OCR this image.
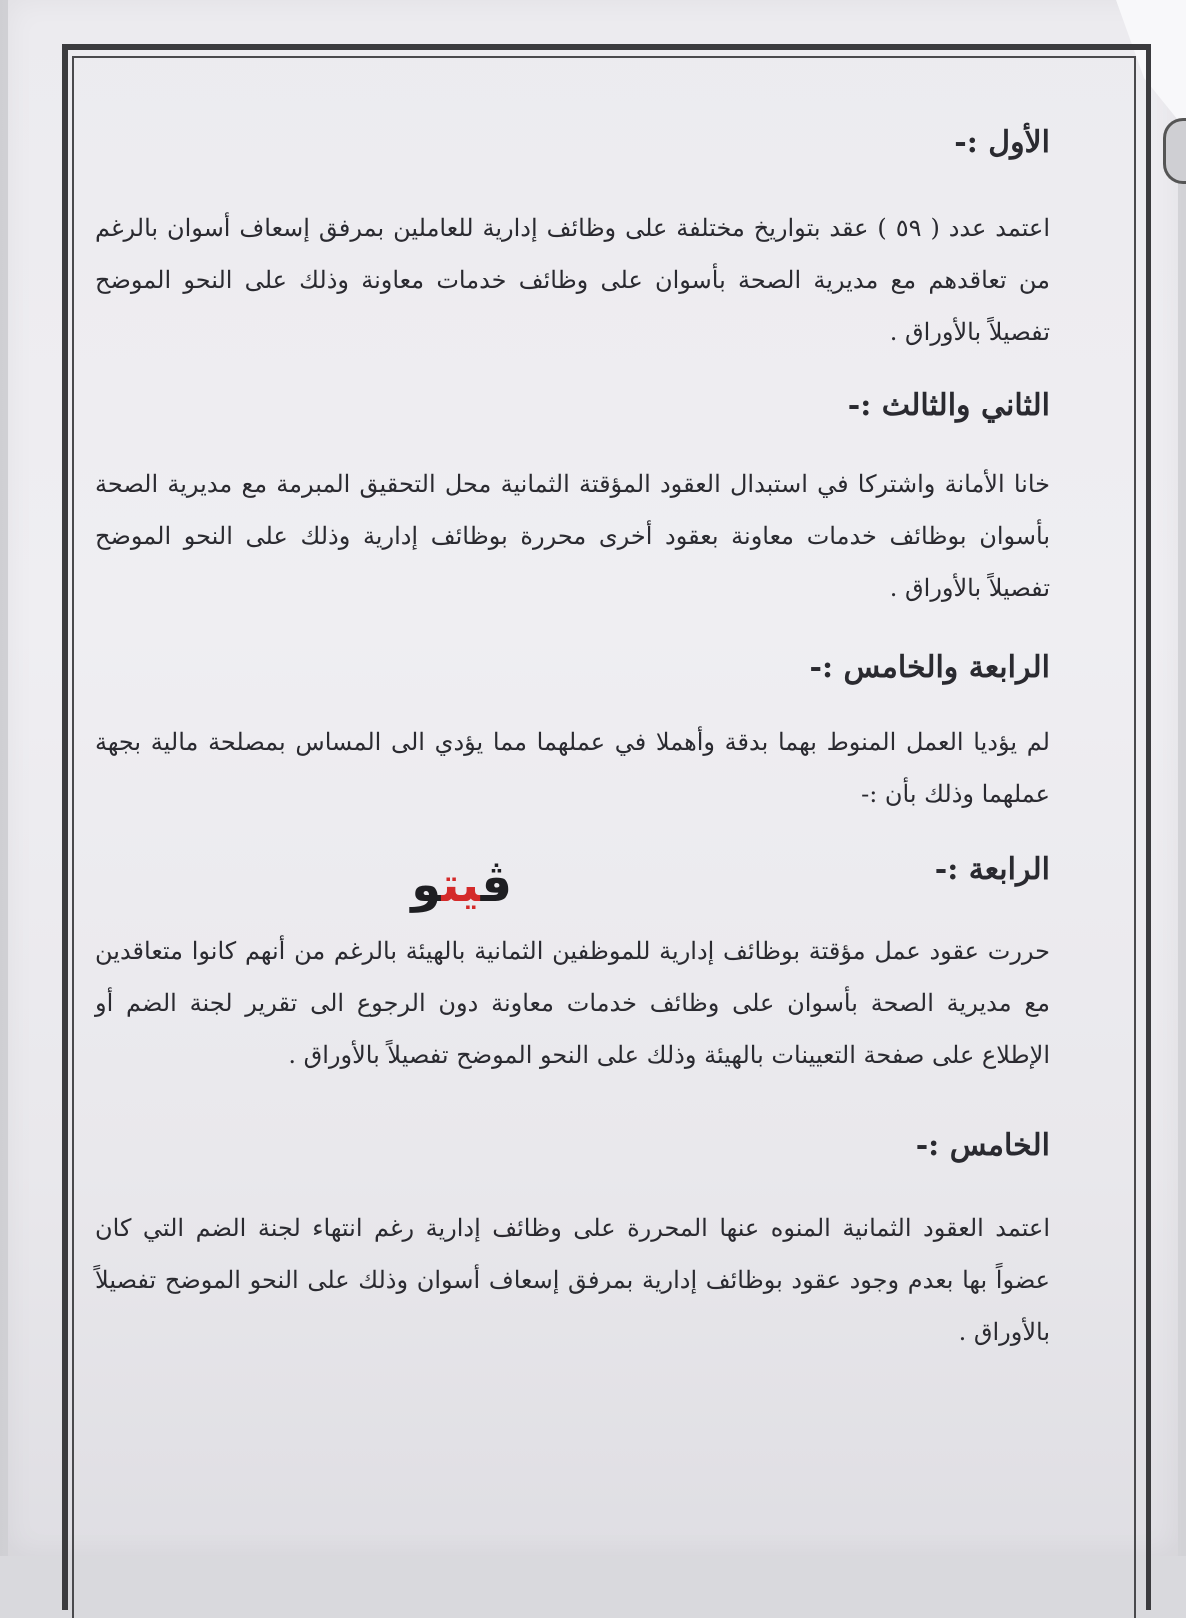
الأول :-

اعتمد عدد ( ٥٩ ) عقد بتواريخ مختلفة على وظائف إدارية للعاملين بمرفق إسعاف أسوان بالرغم من تعاقدهم مع مديرية الصحة بأسوان على وظائف خدمات معاونة وذلك على النحو الموضح تفصيلاً بالأوراق .

الثاني والثالث :-

خانا الأمانة واشتركا في استبدال العقود المؤقتة الثمانية محل التحقيق المبرمة مع مديرية الصحة بأسوان بوظائف خدمات معاونة بعقود أخرى محررة بوظائف إدارية وذلك على النحو الموضح تفصيلاً بالأوراق .

الرابعة والخامس :-

لم يؤديا العمل المنوط بهما بدقة وأهملا في عملهما مما يؤدي الى المساس بمصلحة مالية بجهة عملهما وذلك بأن :-

الرابعة :-

حررت عقود عمل مؤقتة بوظائف إدارية للموظفين الثمانية بالهيئة بالرغم من أنهم كانوا متعاقدين مع مديرية الصحة بأسوان على وظائف خدمات معاونة دون الرجوع الى تقرير لجنة الضم أو الإطلاع على صفحة التعيينات بالهيئة وذلك على النحو الموضح تفصيلاً بالأوراق .

الخامس :-

اعتمد العقود الثمانية المنوه عنها المحررة على وظائف إدارية رغم انتهاء لجنة الضم التي كان عضواً بها بعدم وجود عقود بوظائف إدارية بمرفق إسعاف أسوان وذلك على النحو الموضح تفصيلاً بالأوراق .

ڤيتو
